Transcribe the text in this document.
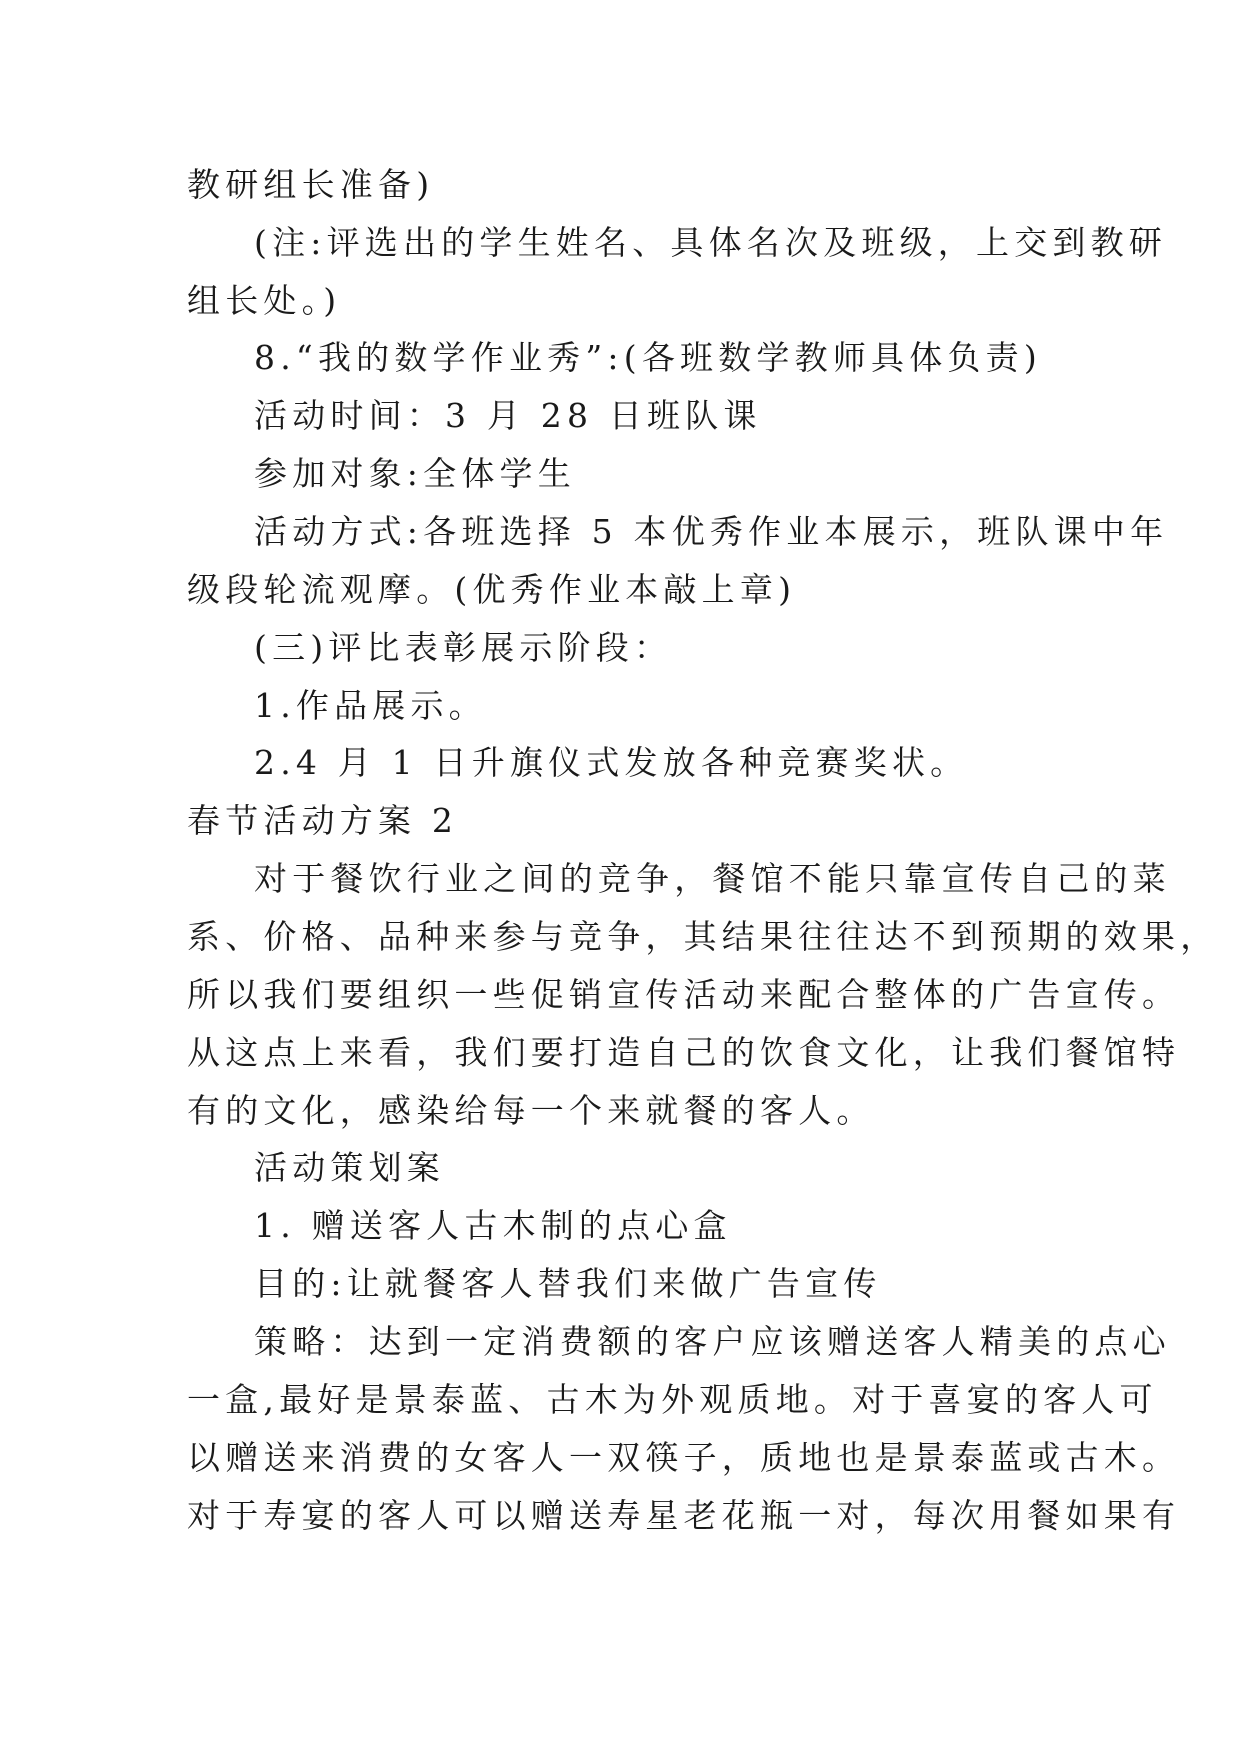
教研组长准备)
(注:评选出的学生姓名、具体名次及班级，上交到教研
组长处。)
8.“我的数学作业秀”:(各班数学教师具体负责)
活动时间：3 月 28 日班队课
参加对象:全体学生
活动方式:各班选择 5 本优秀作业本展示，班队课中年
级段轮流观摩。(优秀作业本敲上章)
(三)评比表彰展示阶段：
1.作品展示。
2.4 月 1 日升旗仪式发放各种竞赛奖状。
春节活动方案 2
对于餐饮行业之间的竞争，餐馆不能只靠宣传自己的菜
系、价格、品种来参与竞争，其结果往往达不到预期的效果，
所以我们要组织一些促销宣传活动来配合整体的广告宣传。
从这点上来看，我们要打造自己的饮食文化，让我们餐馆特
有的文化，感染给每一个来就餐的客人。
活动策划案
1. 赠送客人古木制的点心盒
目的:让就餐客人替我们来做广告宣传
策略：达到一定消费额的客户应该赠送客人精美的点心
一盒,最好是景泰蓝、古木为外观质地。对于喜宴的客人可
以赠送来消费的女客人一双筷子，质地也是景泰蓝或古木。
对于寿宴的客人可以赠送寿星老花瓶一对，每次用餐如果有
